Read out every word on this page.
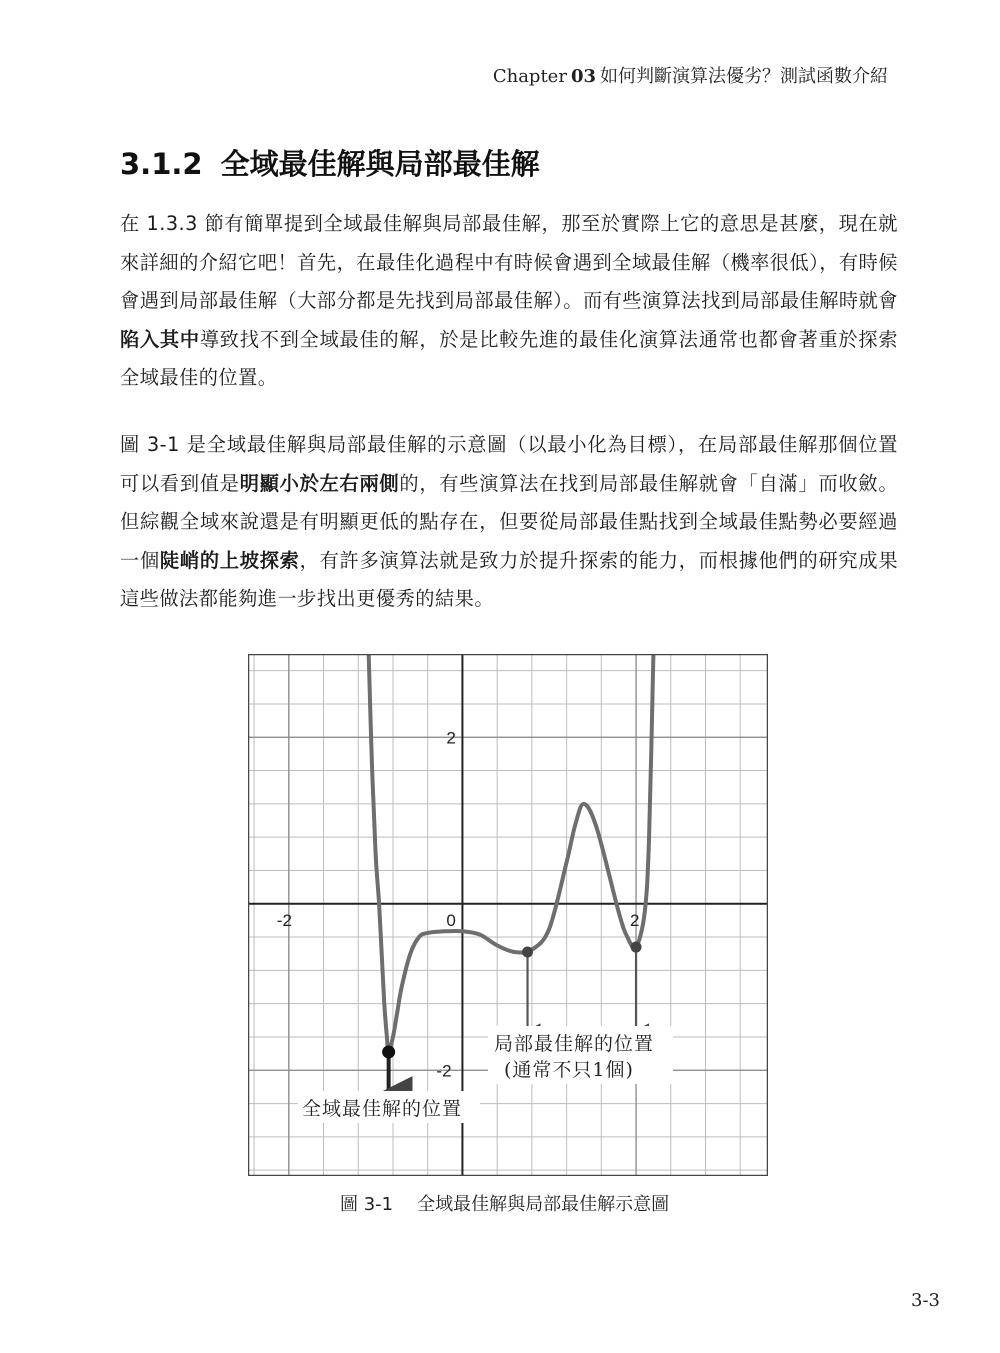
Chapter 03 如何判斷演算法優劣？測試函數介紹
3.1.2 全域最佳解與局部最佳解
在 1.3.3 節有簡單提到全域最佳解與局部最佳解，那至於實際上它的意思是甚麼，現在就來詳細的介紹它吧！首先，在最佳化過程中有時候會遇到全域最佳解（機率很低），有時候會遇到局部最佳解（大部分都是先找到局部最佳解）。而有些演算法找到局部最佳解時就會陷入其中導致找不到全域最佳的解，於是比較先進的最佳化演算法通常也都會著重於探索全域最佳的位置。
圖 3-1 是全域最佳解與局部最佳解的示意圖（以最小化為目標），在局部最佳解那個位置可以看到值是明顯小於左右兩側的，有些演算法在找到局部最佳解就會「自滿」而收斂。但綜觀全域來說還是有明顯更低的點存在，但要從局部最佳點找到全域最佳點勢必要經過一個陡峭的上坡探索，有許多演算法就是致力於提升探索的能力，而根據他們的研究成果這些做法都能夠進一步找出更優秀的結果。
-2	0	2
2
-2
局部最佳解的位置
(通常不只1個)
全域最佳解的位置
圖 3-1 全域最佳解與局部最佳解示意圖
3-3
